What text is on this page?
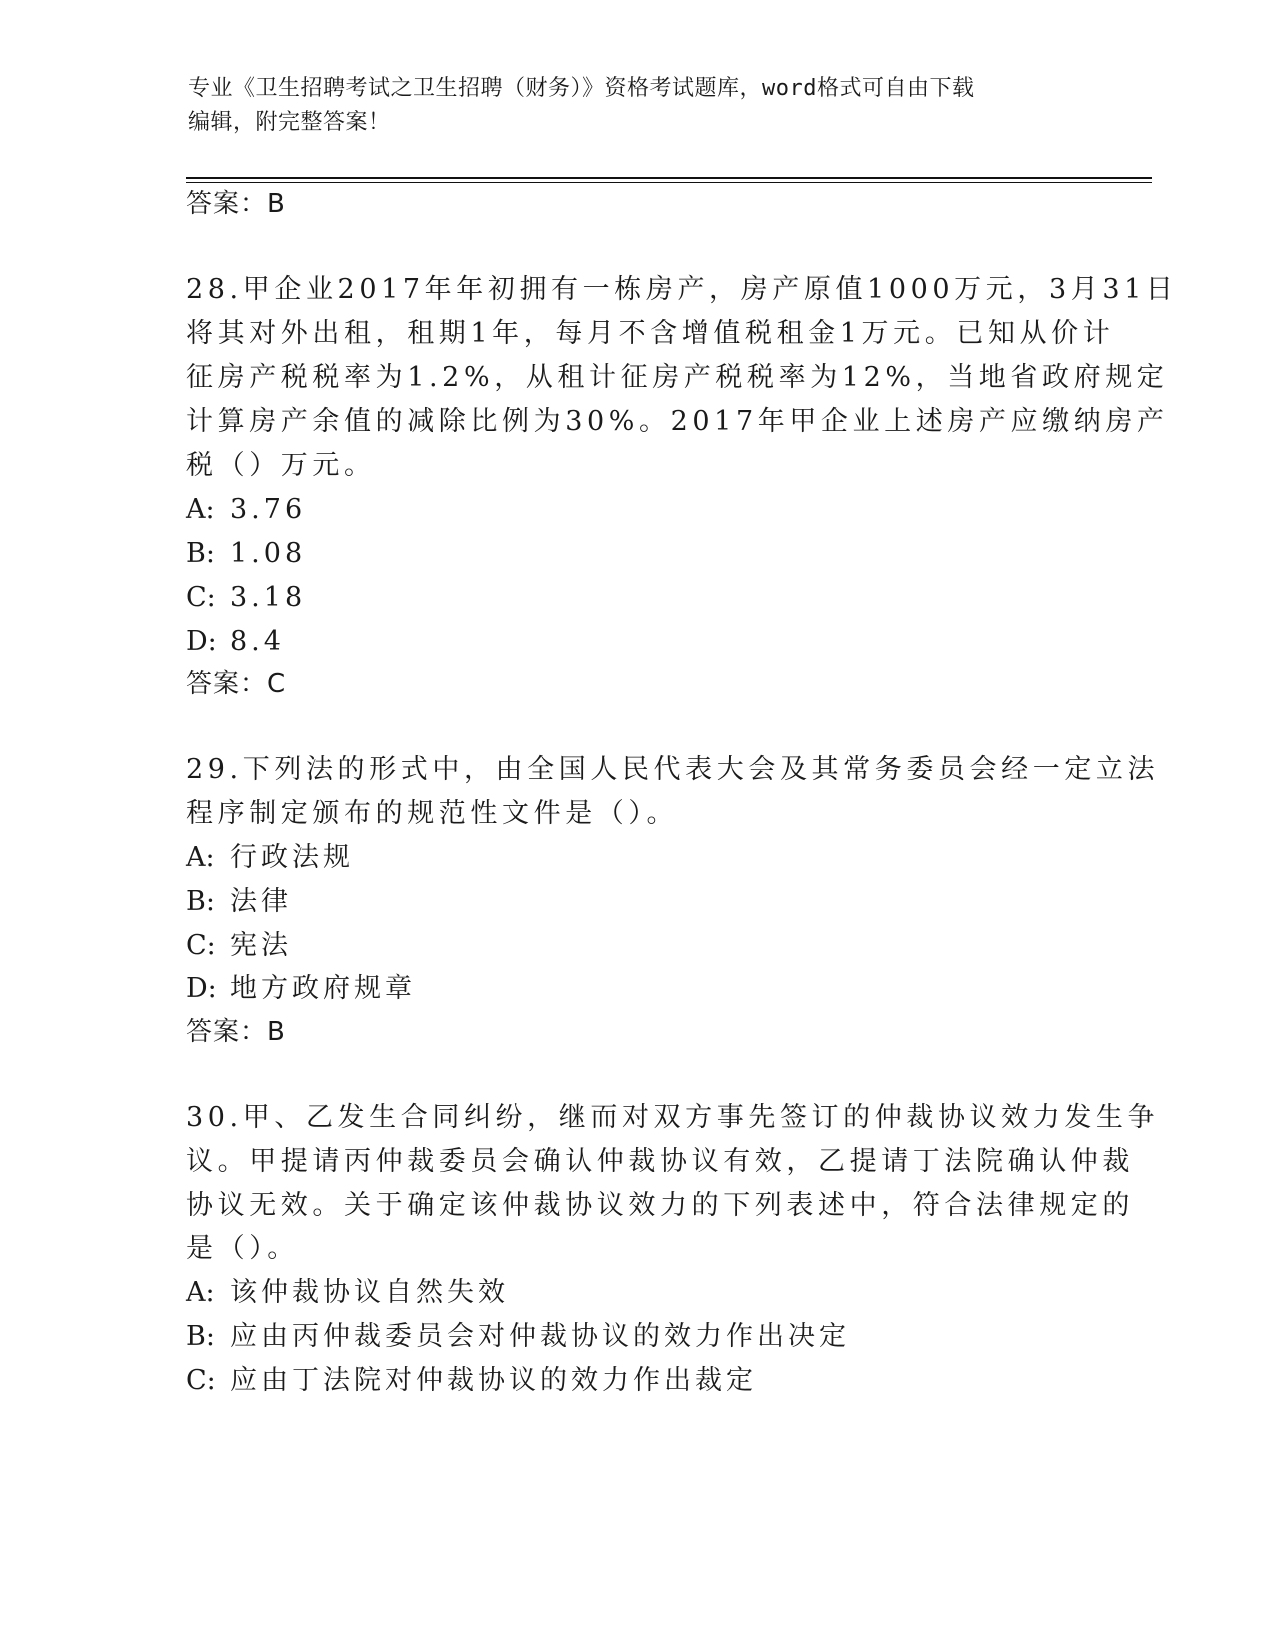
专业《卫生招聘考试之卫生招聘（财务）》资格考试题库，word格式可自由下载
编辑，附完整答案！
答案：B
28.甲企业2017年年初拥有一栋房产，房产原值1000万元，3月31日
将其对外出租，租期1年，每月不含增值税租金1万元。已知从价计
征房产税税率为1.2%，从租计征房产税税率为12%，当地省政府规定
计算房产余值的减除比例为30%。2017年甲企业上述房产应缴纳房产
税（）万元。
A: 3.76
B: 1.08
C: 3.18
D: 8.4
答案：C
29.下列法的形式中，由全国人民代表大会及其常务委员会经一定立法
程序制定颁布的规范性文件是（）。
A: 行政法规
B: 法律
C: 宪法
D: 地方政府规章
答案：B
30.甲、乙发生合同纠纷，继而对双方事先签订的仲裁协议效力发生争
议。甲提请丙仲裁委员会确认仲裁协议有效，乙提请丁法院确认仲裁
协议无效。关于确定该仲裁协议效力的下列表述中，符合法律规定的
是（）。
A: 该仲裁协议自然失效
B: 应由丙仲裁委员会对仲裁协议的效力作出决定
C: 应由丁法院对仲裁协议的效力作出裁定
